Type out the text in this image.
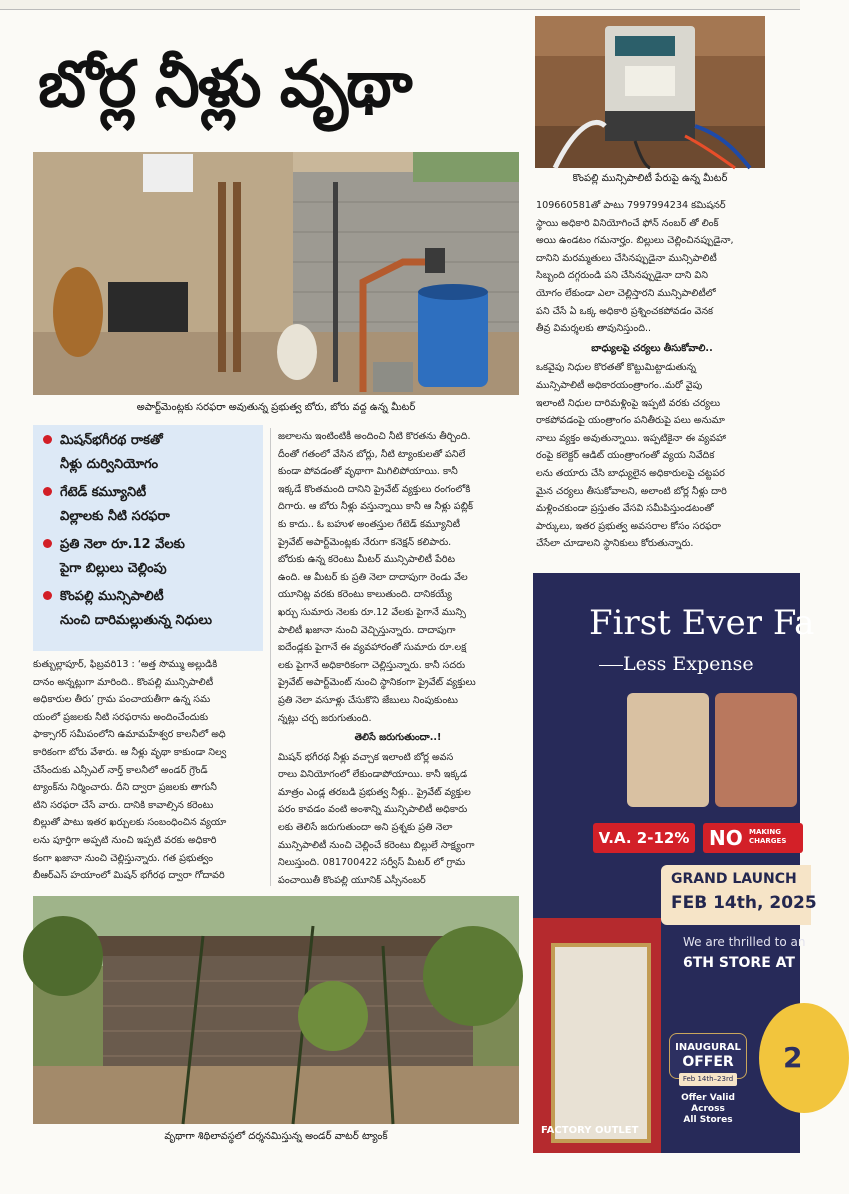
బోర్ల నీళ్లు వృథా
కొంపల్లి మున్సిపాలిటీ పేరుపై ఉన్న మీటర్
అపార్ట్‌మెంట్లకు సరఫరా అవుతున్న ప్రభుత్వ బోరు, బోరు వద్ద ఉన్న మీటర్
మిషన్‌భగీరథ రాకతో
నీళ్లు దుర్వినియోగం
గేటెడ్ కమ్యూనిటీ
విల్లాలకు నీటి సరఫరా
ప్రతి నెలా రూ.12 వేలకు
పైగా బిల్లులు చెల్లింపు
కొంపల్లి మున్సిపాలిటీ
నుంచి దారిమల్లుతున్న నిధులు
కుత్బుల్లాపూర్, ఫిబ్రవరి13 : ‘అత్త సొమ్ము అల్లుడికి
దానం అన్నట్లుగా మారింది.. కొంపల్లి మున్సిపాలిటీ
అధికారుల తీరు’ గ్రామ పంచాయతీగా ఉన్న సమ
యంలో ప్రజలకు నీటి సరఫరాను అందించేందుకు
ఫాక్సాగర్ సమీపంలోని ఉమామహేశ్వర కాలనీలో అధి
కారికంగా బోరు వేశారు. ఆ నీళ్లు వృథా కాకుండా నిల్వ
చేసేందుకు ఎన్సీఎల్ నార్త్ కాలనీలో అండర్ గ్రౌండ్
ట్యాంక్‌ను నిర్మించారు. దీని ద్వారా ప్రజలకు తాగునీ
టిని సరఫరా చేసే వారు. దానికి కావాల్సిన కరెంటు
బిల్లుతో పాటు ఇతర ఖర్చులకు సంబంధించిన వ్యయా
లను పూర్తిగా అప్పటి నుంచి ఇప్పటి వరకు అధికారి
కంగా ఖజానా నుంచి చెల్లిస్తున్నారు. గత ప్రభుత్వం
బీఆర్ఎస్ హయాంలో మిషన్ భగీరథ ద్వారా గోదావరి
జలాలను ఇంటింటికీ అందించి నీటి కొరతను తీర్చింది.
దీంతో గతంలో వేసిన బోర్లు, నీటి ట్యాంకులతో పనిలే
కుండా పోవడంతో వృథాగా మిగిలిపోయాయి. కానీ
ఇక్కడే కొంతమంది దానిని ప్రైవేట్ వ్యక్తులు రంగంలోకి
దిగారు. ఆ బోరు నీళ్లు వస్తున్నాయి కానీ ఆ నీళ్లు పబ్లిక్
కు కాదు.. ఓ బహుళ అంతస్తుల గేటెడ్ కమ్యూనిటీ
ప్రైవేట్ అపార్ట్‌మెంట్లకు నేరుగా కనెక్షన్ కలిపారు.
బోరుకు ఉన్న కరెంటు మీటర్ మున్సిపాలిటీ పేరిట
ఉంది. ఆ మీటర్ కు ప్రతి నెలా దాదాపుగా రెండు వేల
యూనిట్ల వరకు కరెంటు కాలుతుంది. దానికయ్యే
ఖర్చు సుమారు నెలకు రూ.12 వేలకు పైగానే మున్సి
పాలిటీ ఖజానా నుంచి వెచ్చిస్తున్నారు. దాదాపుగా
ఐదేండ్లకు పైగానే ఈ వ్యవహారంతో సుమారు రూ.లక్ష
లకు పైగానే అధికారికంగా చెల్లిస్తున్నారు. కానీ సదరు
ప్రైవేట్ అపార్ట్‌మెంట్ నుంచి స్థానికంగా ప్రైవేట్ వ్యక్తులు
ప్రతి నెలా వసూళ్లు చేసుకొని జేబులు నింపుకుంటు
న్నట్లు చర్చ జరుగుతుంది.
తెలిసే జరుగుతుందా..!
మిషన్ భగీరథ నీళ్లు వచ్చాక ఇలాంటి బోర్ల అవస
రాలు వినియోగంలో లేకుండాపోయాయి. కానీ ఇక్కడ
మాత్రం ఎండ్ల తరబడి ప్రభుత్వ నీళ్లు.. ప్రైవేట్ వ్యక్తుల
పరం కావడం వంటి అంశాన్ని మున్సిపాలిటీ అధికారు
లకు తెలిసే జరుగుతుందా అని ప్రశ్నకు ప్రతి నెలా
మున్సిపాలిటీ నుంచి చెల్లించే కరెంటు బిల్లులే సాక్ష్యంగా
నిలుస్తుంది. 081700422 సర్వీస్ మీటర్ లో గ్రామ
పంచాయితీ కొంపల్లి యూనిక్ ఎస్సీనంబర్
109660581తో పాటు 7997994234 కమిషనర్
స్థాయి అధికారి వినియోగించే ఫోన్ నంబర్ తో లింక్
అయి ఉండటం గమనార్హం. బిల్లులు చెల్లించినప్పుడైనా,
దానిని మరమ్మతులు చేసినప్పుడైనా మున్సిపాలిటీ
సిబ్బంది దగ్గరుండి పని చేసినప్పుడైనా దాని విని
యోగం లేకుండా ఎలా చెల్లిస్తారని మున్సిపాలిటీలో
పని చేసే ఏ ఒక్క అధికారి ప్రశ్నించకపోవడం వెనక
తీవ్ర విమర్శలకు తావునిస్తుంది..
బాధ్యులపై చర్యలు తీసుకోవాలి..
ఒకవైపు నిధుల కొరతతో కొట్టుమిట్టాడుతున్న
మున్సిపాలిటీ అధికారయంత్రాంగం..మరో వైపు
ఇలాంటి నిధుల దారిమళ్లింపై ఇప్పటి వరకు చర్యలు
రాకపోవడంపై యంత్రాంగం పనితీరుపై పలు అనుమా
నాలు వ్యక్తం అవుతున్నాయి. ఇప్పటికైనా ఈ వ్యవహా
రంపై కలెక్టర్ ఆడిట్ యంత్రాంగంతో వ్యయ నివేదిక
లను తయారు చేసి బాధ్యులైన అధికారులపై చట్టపర
మైన చర్యలు తీసుకోవాలని, అలాంటి బోర్ల నీళ్లు దారి
మళ్లించకుండా ప్రస్తుతం వేసవి సమీపిస్తుండటంతో
పార్కులు, ఇతర ప్రభుత్వ అవసరాల కోసం సరఫరా
చేసేలా చూడాలని స్థానికులు కోరుతున్నారు.
వృథాగా శిథిలావస్థలో దర్శనమిస్తున్న అండర్ వాటర్ ట్యాంక్
First Ever Fa
Less Expense
V.A. 2-12% NO MAKING
CHARGES
FACTORY OUTLET
GRAND LAUNCH
FEB 14th, 2025
We are thrilled to an
6TH STORE AT
INAUGURAL
OFFER
Feb 14th–23rd
Offer Valid
Across
All Stores
2
